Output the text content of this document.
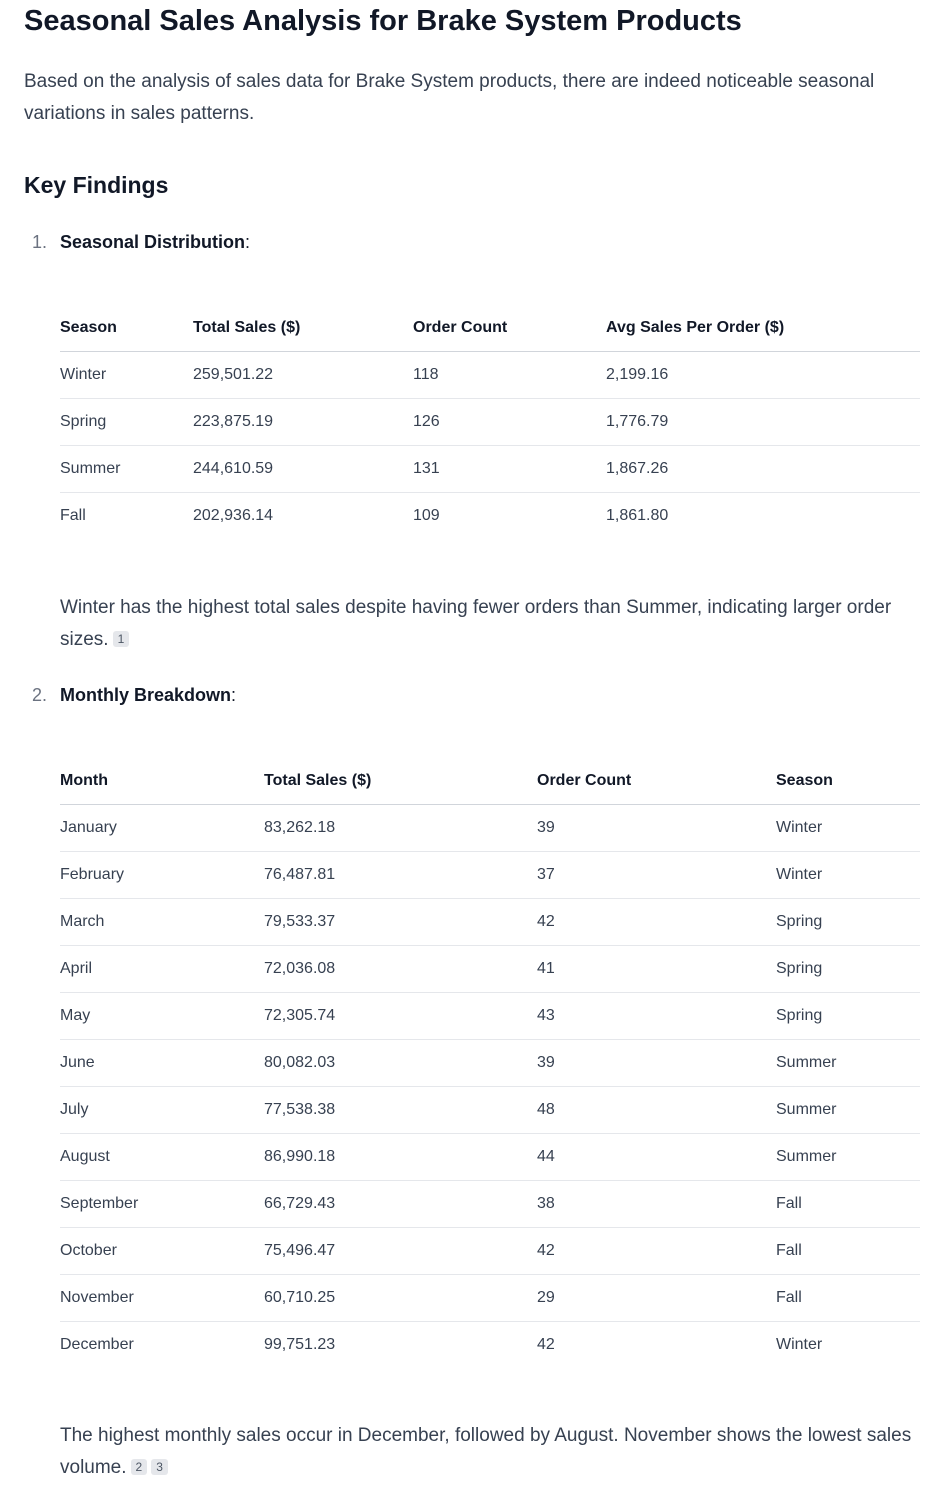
Seasonal Sales Analysis for Brake System Products

Based on the analysis of sales data for Brake System products, there are indeed noticeable seasonal variations in sales patterns.

Key Findings
1. Seasonal Distribution:
Season	Total Sales ($)	Order Count	Avg Sales Per Order ($)
Winter	259,501.22	118	2,199.16
Spring	223,875.19	126	1,776.79
Summer	244,610.59	131	1,867.26
Fall	202,936.14	109	1,861.80

Winter has the highest total sales despite having fewer orders than Summer, indicating larger order sizes. 1

2. Monthly Breakdown:
Month	Total Sales ($)	Order Count	Season
January	83,262.18	39	Winter
February	76,487.81	37	Winter
March	79,533.37	42	Spring
April	72,036.08	41	Spring
May	72,305.74	43	Spring
June	80,082.03	39	Summer
July	77,538.38	48	Summer
August	86,990.18	44	Summer
September	66,729.43	38	Fall
October	75,496.47	42	Fall
November	60,710.25	29	Fall
December	99,751.23	42	Winter

The highest monthly sales occur in December, followed by August. November shows the lowest sales volume. 2 3
